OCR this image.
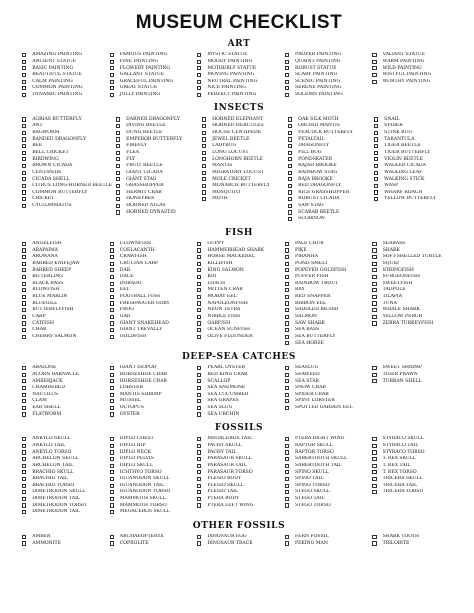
MUSEUM CHECKLIST
ART
AMAZING PAINTING
ANCIENT STATUE
BASIC PAINTING
BEAUTIFUL STATUE
CALM PAINTING
COMMON PAINTING
DYNAMIC PAINTING
FAMOUS PAINTING
FINE PAINTING
FLOWERY PAINTING
GALLANT STATUE
GRACEFUL PAINTING
GREAT STATUE
JOLLY PAINTING
MYSTIC STATUE
MOODY PAINTING
MOTHERLY STATUE
MOVING PAINTING
NEUTRAL PAINTING
NICE PAINTING
PERFECT PAINTING
PROPER PAINTING
QUAINT PAINTING
ROBUST STATUE
SCARY PAINTING
SCENIC PAINTING
SERENE PAINTING
SOLEMN PAINTING
VALIANT STATUE
WARM PAINTING
WILD PAINTING
WISTFUL PAINTING
WORTHY PAINTING
INSECTS
AGRIAS BUTTERFLY
ANT
BAGWORM
BANDED DRAGONFLY
BEE
BELL CRICKET
BIRDWING
BROWN CICADA
CENTIPEDE
CICADA SHELL
CITRUS LONG-HORNED BEETLE
COMMON BUTTERFLY
CRICKET
CYCLOMMATUS
DARNER DRAGONFLY
DIVING BEETLE
DUNG BEETLE
EMPEROR BUTTERFLY
FIREFLY
FLEA
FLY
FRUIT BEETLE
GIANT CICADA
GIANT STAG
GRASSHOPPER
HERMIT CRAB
HONEYBEE
HORNED ATLAS
HORNED DYNASTID
HORNED ELEPHANT
HORNED HERCULES
HOUSE CENTIPEDE
JEWEL BEETLE
LADYBUG
LONG LOCUST
LONGHORN BEETLE
MANTIS
MIGRATORY LOCUST
MOLE CRICKET
MONARCH BUTTERFLY
MOSQUITO
MOTH
OAK SILK MOTH
ORCHID MANTIS
PEACOCK BUTTERFLY
PETALTAIL
DRAGONFLY
PILL BUG
PONDSKATER
RAJAH BROOKE
RAINBOW STAG
RAJA BROOKE
RED DRAGONFLY
RICE GRASSHOPPER
ROBUST CICADA
SAW STAG
SCARAB BEETLE
SCORPION
SNAIL
SPIDER
STINK BUG
TARANTULA
TIGER BEETLE
TIGER BUTTERFLY
VIOLIN BEETLE
WALKER CICADA
WALKING LEAF
WALKING STICK
WASP
WHARF ROACH
YELLOW BUTTERFLY
FISH
ANGELFISH
ARAPAIMA
AROWANA
BARRED KNIFEJAW
BARRED SHEEP
BITTERLING
BLACK BASS
BLOWFISH
BLUE MARLIN
BLUEGILL
BUTTERFLYFISH
CARP
CATFISH
CHAR
CHERRY SALMON
CLOWNFISH
COELACANTH
CRAWFISH
CRUCIAN CARP
DAB
DACE
DORADO
EEL
FOOTBALL FISH
FRESHWATER GOBY
FROG
GAR
GIANT SNAKEHEAD
GIANT TREVALLY
GOLDFISH
GUPPY
HAMMERHEAD SHARK
HORSE MACKEREL
KILLIFISH
KING SALMON
KOI
LOACH
MITTEN CRAB
MORAY EEL
NAPOLEONFISH
NEON TETRA
NIBBLE FISH
OARFISH
OCEAN SUNFISH
OLIVE FLOUNDER
PALE CHUB
PIKE
PIRANHA
POND SMELT
POPEYED GOLDFISH
PUFFER FISH
RAINBOW TROUT
RAY
RED SNAPPER
RIBBON EEL
SADDLED BICHIR
SALMON
SAW SHARK
SEA BASS
SEA BUTTERFLY
SEA HORSE
SEABASS
SHARK
SOFT-SHELLED TURTLE
SQUID
STRINGFISH
SURGEONFISH
SWEETFISH
TADPOLE
TILAPIA
TUNA
WHALE SHARK
YELLOW PERCH
ZEBRA TURKEYFISH
DEEP-SEA CATCHES
ABALONE
ACORN BARNACLE
AMBERJACK
CHAMBERED
NAUTILUS
CLAM
EAR SHELL
FLATWORM
GIANT ISOPOD
HORSESHOE CRAB
HORSESHOE CRAB
LOBSTER
MANTIS SHRIMP
MUSSEL
OCTOPUS
OYSTER
PEARL OYSTER
RED KING CRAB
SCALLOP
SEA ANEMONE
SEA CUCUMBER
SEA GRAPES
SEA SLUG
SEA URCHIN
SEASLUG
SEAWEED
SEA STAR
SNOW CRAB
SPIDER CRAB
SPINY LOBSTER
SPOTTED GARDEN EEL
SWEET SHRIMP
TIGER PRAWN
TURBAN SHELL
FOSSILS
ANKYLO SKULL
ANKYLO TAIL
ANKYLO TORSO
ARCHELON SKULL
ARCHELON TAIL
BRACHIO SKULL
BRACHIO TAIL
BRACHIO TORSO
DIMETRODON SKULL
DIMETRODON TAIL
DIMETRODON TORSO
DIMETRODON TAIL
DIPLO CHEST
DIPLO HIP
DIPLO NECK
DIPLO PELVIS
DIPLO SKULL
ICHTHYO TORSO
IGUANODON SKULL
IGUANODON TAIL
IGUANODON TORSO
MAMMOTH SKULL
MAMMOTH TORSO
MEGACEROS SKULL
MEGACEROS TAIL
PACHY SKULL
PACHY TAIL
PARASAUR SKULL
PARASAUR TAIL
PARASAUR TORSO
PLESIO BODY
PLESIO SKULL
PLESIO TAIL
PTERA BODY
PTERA LEFT WING
PTERA RIGHT WING
RAPTOR SKULL
RAPTOR TORSO
SABERTOOTH SKULL
SABERTOOTH TAIL
SPINO SKULL
SPINO TAIL
SPINO TORSO
STEGO SKULL
STEGO TAIL
STEGO TORSO
STYRACO SKULL
STYRACO TAIL
STYRACO TORSO
T. REX SKULL
T. REX TAIL
T. REX TORSO
TRICERA SKULL
TRICERA TAIL
TRICERA TORSO
OTHER FOSSILS
AMBER
AMMONITE
ARCHAEOPTERYX
COPROLITE
DINOSAUR EGG
DINOSAUR TRACK
FERN FOSSIL
PEKING MAN
SHARK TOOTH
TRILOBITE
